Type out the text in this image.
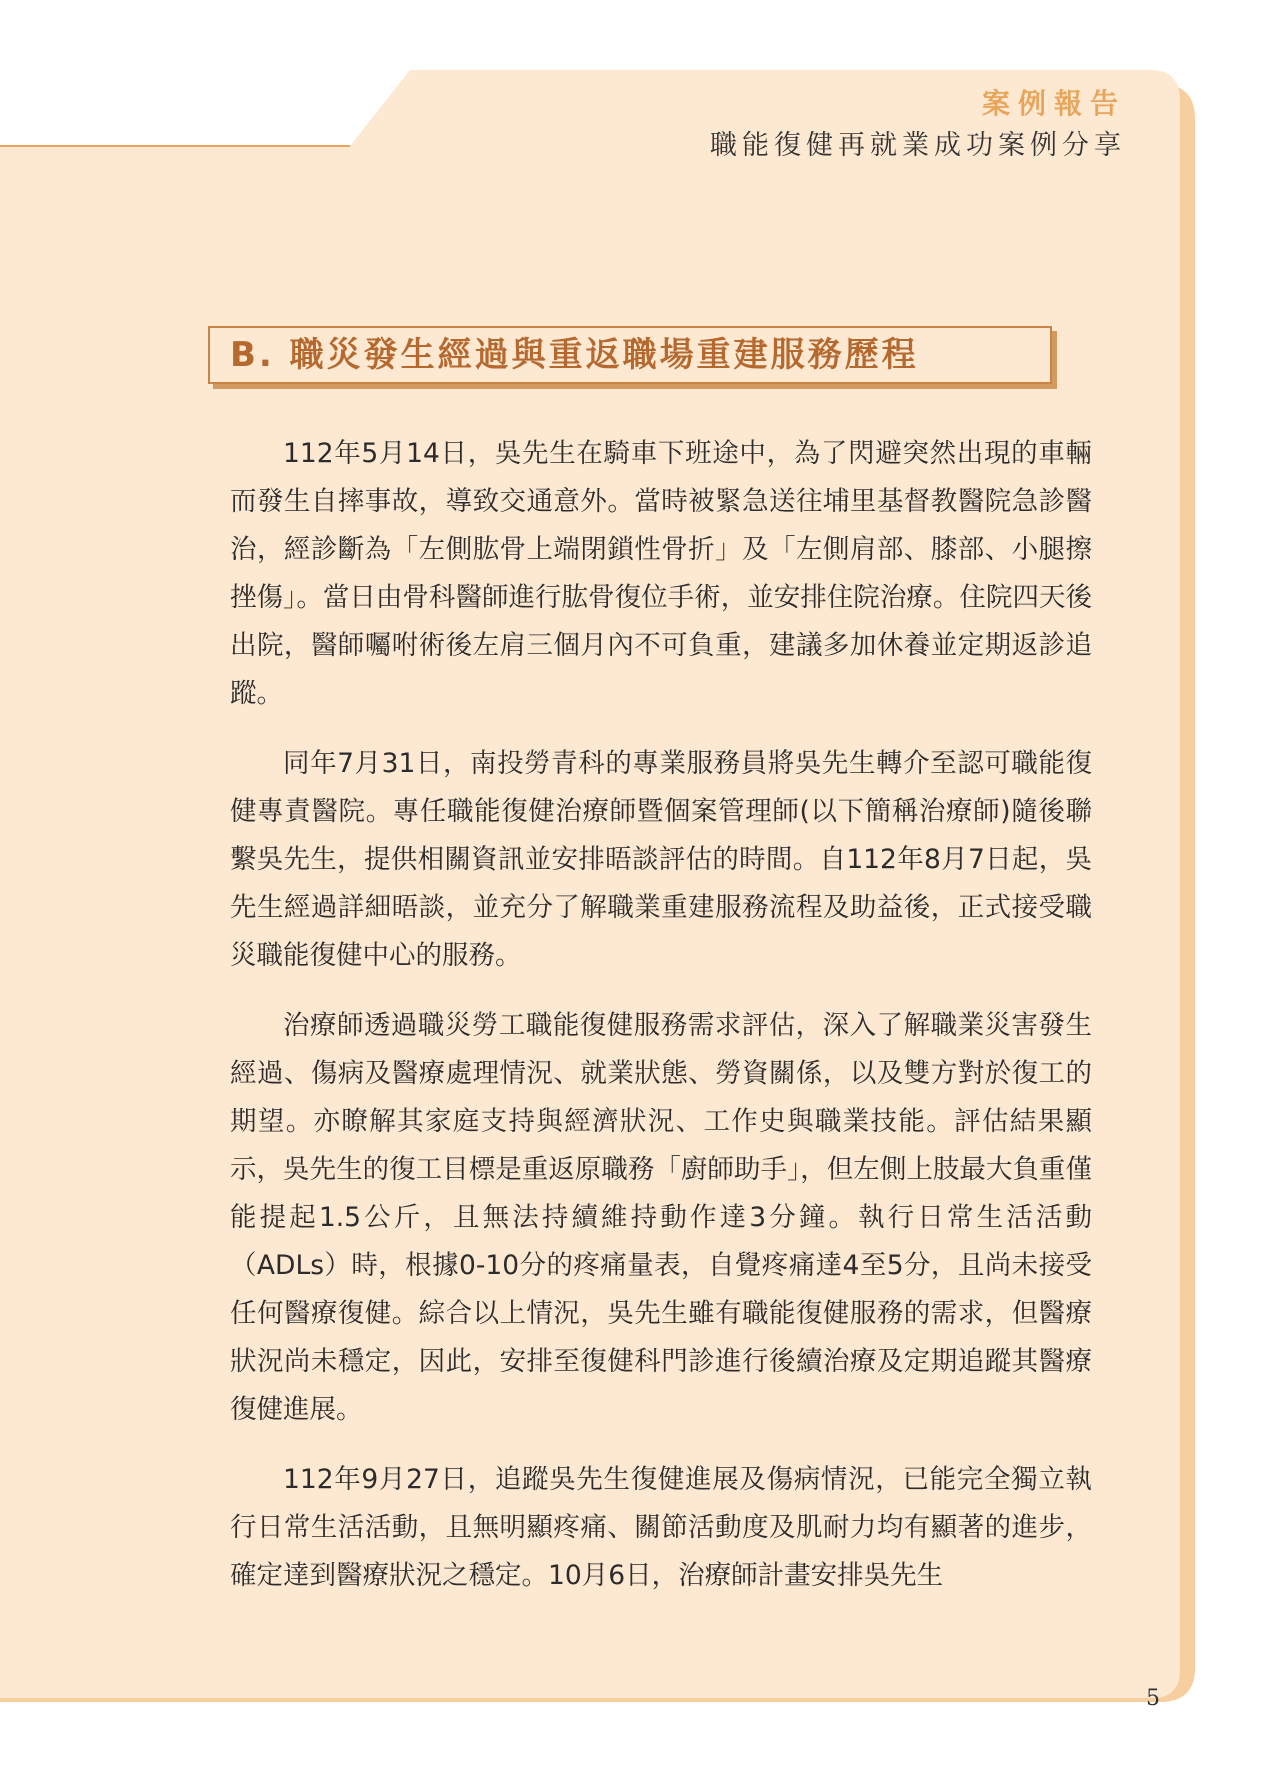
案例報告
職能復健再就業成功案例分享
B. 職災發生經過與重返職場重建服務歷程

112年5月14日，吳先生在騎車下班途中，為了閃避突然出現的車輛而發生自摔事故，導致交通意外。當時被緊急送往埔里基督教醫院急診醫治，經診斷為「左側肱骨上端閉鎖性骨折」及「左側肩部、膝部、小腿擦挫傷」。當日由骨科醫師進行肱骨復位手術，並安排住院治療。住院四天後出院，醫師囑咐術後左肩三個月內不可負重，建議多加休養並定期返診追蹤。

同年7月31日，南投勞青科的專業服務員將吳先生轉介至認可職能復健專責醫院。專任職能復健治療師暨個案管理師(以下簡稱治療師)隨後聯繫吳先生，提供相關資訊並安排晤談評估的時間。自112年8月7日起，吳先生經過詳細晤談，並充分了解職業重建服務流程及助益後，正式接受職災職能復健中心的服務。

治療師透過職災勞工職能復健服務需求評估，深入了解職業災害發生經過、傷病及醫療處理情況、就業狀態、勞資關係，以及雙方對於復工的期望。亦瞭解其家庭支持與經濟狀況、工作史與職業技能。評估結果顯示，吳先生的復工目標是重返原職務「廚師助手」，但左側上肢最大負重僅能提起1.5公斤，且無法持續維持動作達3分鐘。執行日常生活活動（ADLs）時，根據0-10分的疼痛量表，自覺疼痛達4至5分，且尚未接受任何醫療復健。綜合以上情況，吳先生雖有職能復健服務的需求，但醫療狀況尚未穩定，因此，安排至復健科門診進行後續治療及定期追蹤其醫療復健進展。

112年9月27日，追蹤吳先生復健進展及傷病情況，已能完全獨立執行日常生活活動，且無明顯疼痛、關節活動度及肌耐力均有顯著的進步，確定達到醫療狀況之穩定。10月6日，治療師計畫安排吳先生

5
